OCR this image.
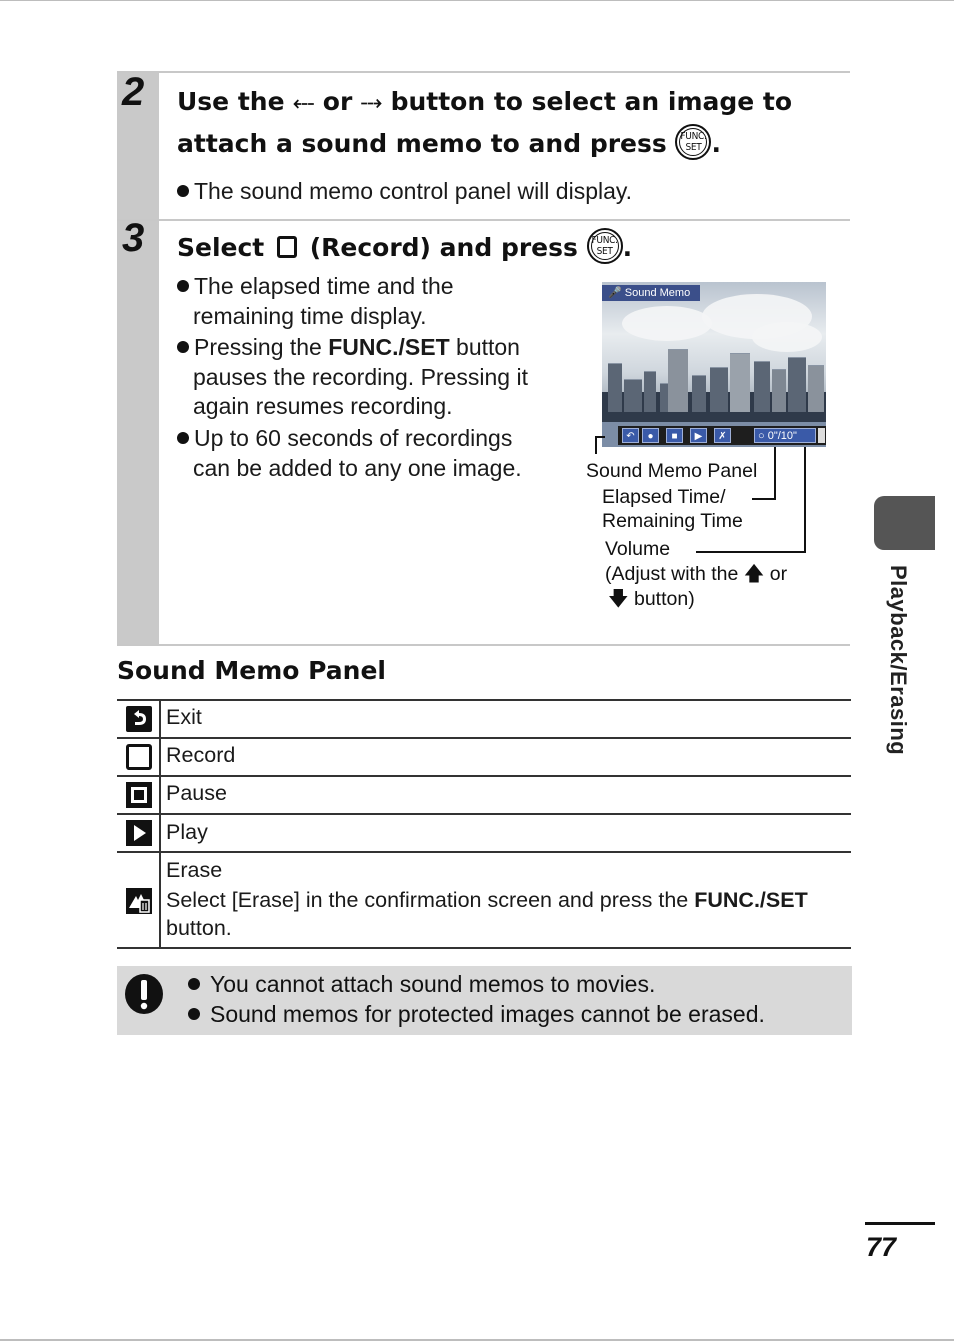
2 Use the ⤎ or ⤏ button to select an image to
attach a sound memo to and press FUNC.
SET .
The sound memo control panel will display.
3 Select (Record) and press FUNC.
SET .
The elapsed time and the
remaining time display.
Pressing the FUNC./SET button
pauses the recording. Pressing it
again resumes recording.
Up to 60 seconds of recordings
can be added to any one image.
🎤 Sound Memo
↶	●	■	▶	✗	○ 0"/10"
Sound Memo Panel
Elapsed Time/
Remaining Time
Volume
(Adjust with the 🡅 or
🡇 button)	Playback/Erasing
Sound Memo Panel
Exit
Record
Pause
Play
Erase
Select [Erase] in the confirmation screen and press the FUNC./SET
button.
You cannot attach sound memos to movies.
Sound memos for protected images cannot be erased.
77
